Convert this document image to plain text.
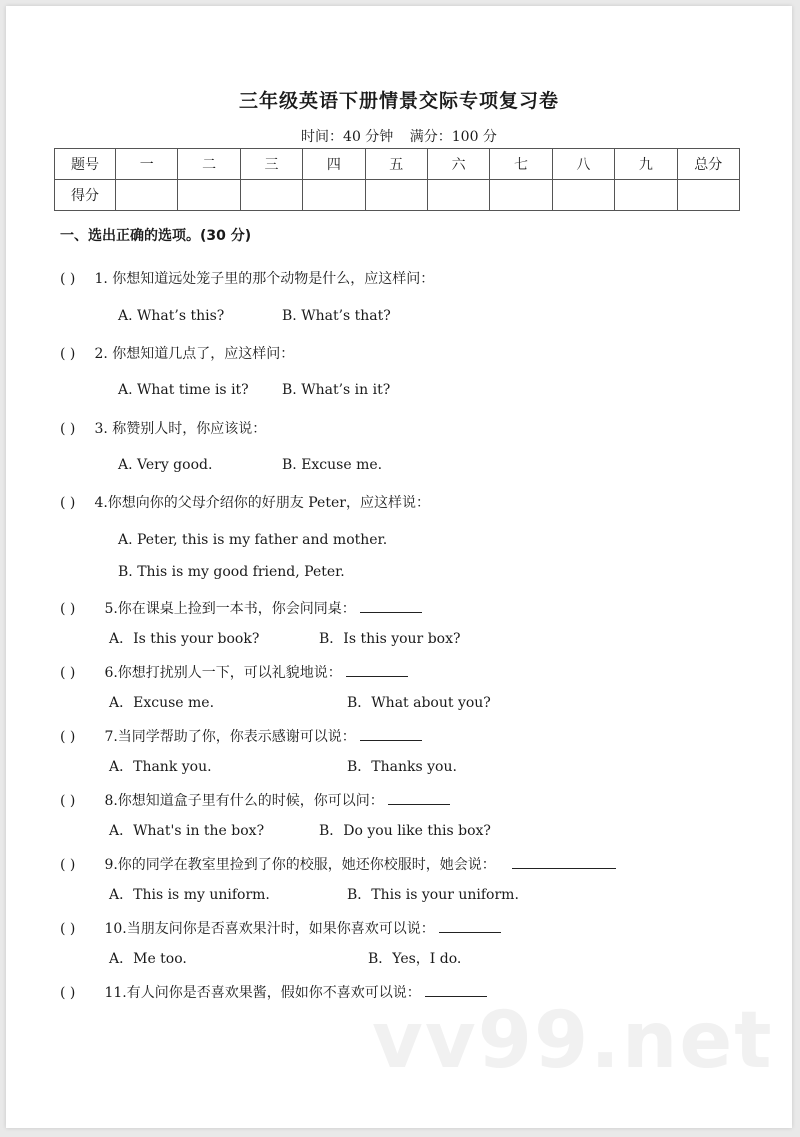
三年级英语下册情景交际专项复习卷
时间：40 分钟 满分：100 分
题号	一	二	三	四	五	六	七	八	九	总分
得分										
一、选出正确的选项。(30 分)
( ) 1. 你想知道远处笼子里的那个动物是什么，应这样问：
A. What’s this?	B. What’s that?
( ) 2. 你想知道几点了，应这样问：
A. What time is it? B. What’s in it?
( ) 3. 称赞别人时，你应该说：
A. Very good.	B. Excuse me.
( ) 4.你想向你的父母介绍你的好朋友 Peter，应这样说：
A. Peter, this is my father and mother.
B. This is my good friend, Peter.
( ) 5.你在课桌上捡到一本书，你会问同桌：
A．Is this your book?	B．Is this your box?
( ) 6.你想打扰别人一下，可以礼貌地说：
A．Excuse me.	B．What about you?
( ) 7.当同学帮助了你，你表示感谢可以说：
A．Thank you.	B．Thanks you.
( ) 8.你想知道盒子里有什么的时候，你可以问：
A．What's in the box?	B．Do you like this box?
( ) 9.你的同学在教室里捡到了你的校服，她还你校服时，她会说：
A．This is my uniform.	B．This is your uniform.
( ) 10.当朋友问你是否喜欢果汁时，如果你喜欢可以说：
A．Me too.	B．Yes，I do.
( ) 11.有人问你是否喜欢果酱，假如你不喜欢可以说：
vv99.net
